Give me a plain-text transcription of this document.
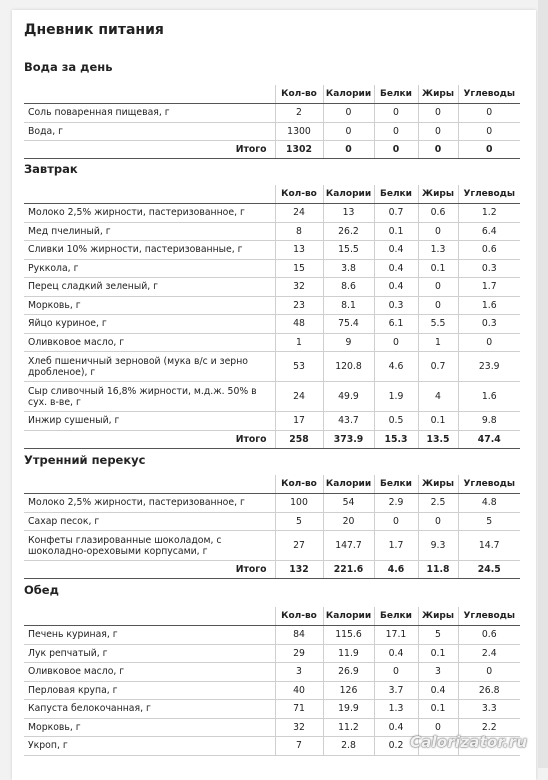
Дневник питания
Вода за день
	Кол-во	Калории	Белки	Жиры	Углеводы
Соль поваренная пищевая, г	2	0	0	0	0
Вода, г	1300	0	0	0	0
Итого	1302	0	0	0	0
Завтрак
	Кол-во	Калории	Белки	Жиры	Углеводы
Молоко 2,5% жирности, пастеризованное, г	24	13	0.7	0.6	1.2
Мед пчелиный, г	8	26.2	0.1	0	6.4
Сливки 10% жирности, пастеризованные, г	13	15.5	0.4	1.3	0.6
Руккола, г	15	3.8	0.4	0.1	0.3
Перец сладкий зеленый, г	32	8.6	0.4	0	1.7
Морковь, г	23	8.1	0.3	0	1.6
Яйцо куриное, г	48	75.4	6.1	5.5	0.3
Оливковое масло, г	1	9	0	1	0
Хлеб пшеничный зерновой (мука в/с и зерно дробленое), г	53	120.8	4.6	0.7	23.9
Сыр сливочный 16,8% жирности, м.д.ж. 50% в сух. в-ве, г	24	49.9	1.9	4	1.6
Инжир сушеный, г	17	43.7	0.5	0.1	9.8
Итого	258	373.9	15.3	13.5	47.4
Утренний перекус
	Кол-во	Калории	Белки	Жиры	Углеводы
Молоко 2,5% жирности, пастеризованное, г	100	54	2.9	2.5	4.8
Сахар песок, г	5	20	0	0	5
Конфеты глазированные шоколадом, с шоколадно-ореховыми корпусами, г	27	147.7	1.7	9.3	14.7
Итого	132	221.6	4.6	11.8	24.5
Обед
	Кол-во	Калории	Белки	Жиры	Углеводы
Печень куриная, г	84	115.6	17.1	5	0.6
Лук репчатый, г	29	11.9	0.4	0.1	2.4
Оливковое масло, г	3	26.9	0	3	0
Перловая крупа, г	40	126	3.7	0.4	26.8
Капуста белокочанная, г	71	19.9	1.3	0.1	3.3
Морковь, г	32	11.2	0.4	0	2.2
Укроп, г	7	2.8	0.2		Calorizator.ru
